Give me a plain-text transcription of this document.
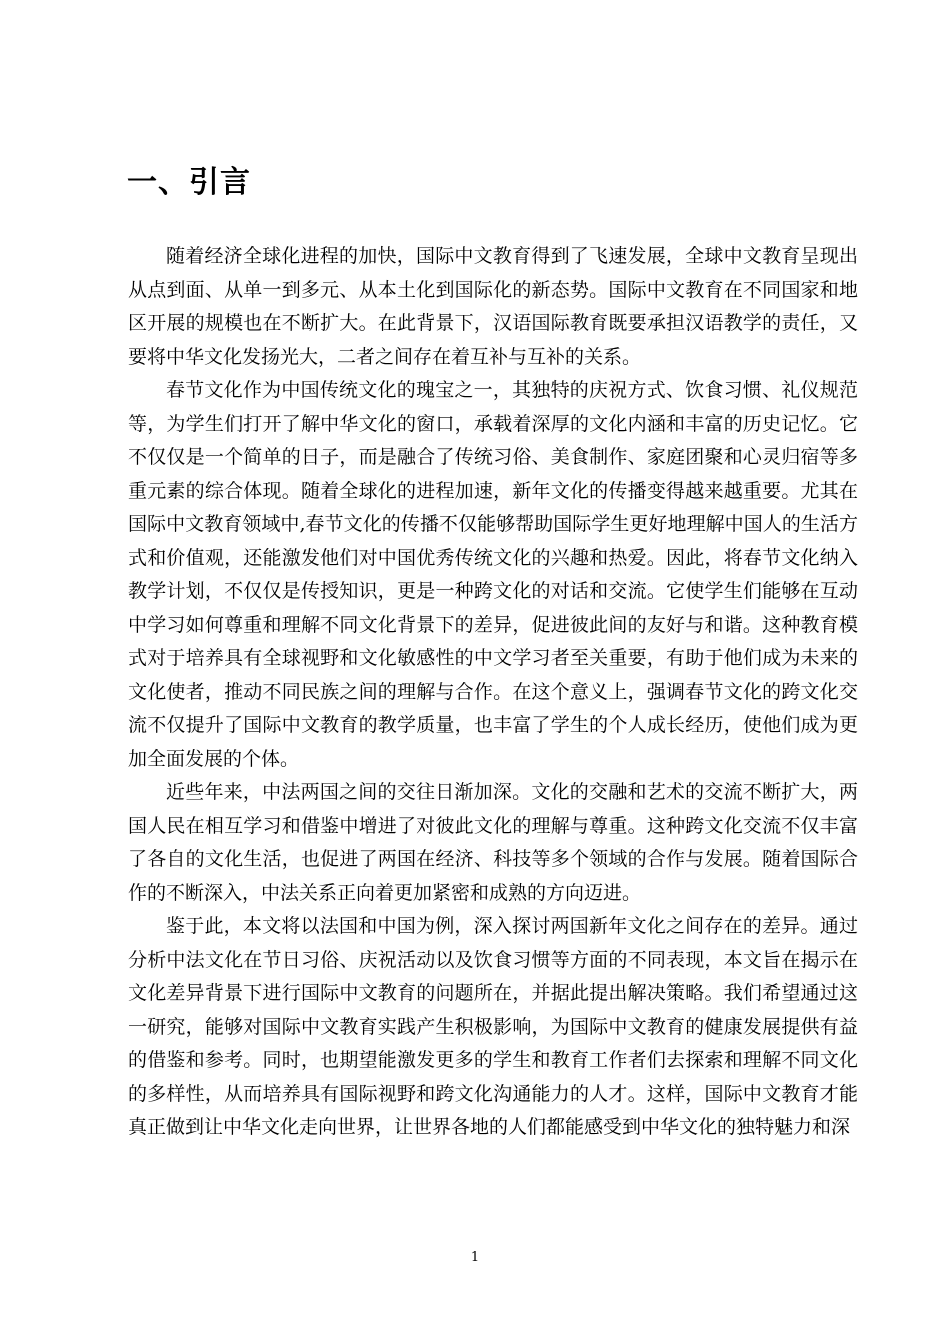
一、引言

随着经济全球化进程的加快，国际中文教育得到了飞速发展，全球中文教育呈现出从点到面、从单一到多元、从本土化到国际化的新态势。国际中文教育在不同国家和地区开展的规模也在不断扩大。在此背景下，汉语国际教育既要承担汉语教学的责任，又要将中华文化发扬光大，二者之间存在着互补与互补的关系。

春节文化作为中国传统文化的瑰宝之一，其独特的庆祝方式、饮食习惯、礼仪规范等，为学生们打开了解中华文化的窗口，承载着深厚的文化内涵和丰富的历史记忆。它不仅仅是一个简单的日子，而是融合了传统习俗、美食制作、家庭团聚和心灵归宿等多重元素的综合体现。随着全球化的进程加速，新年文化的传播变得越来越重要。尤其在国际中文教育领域中,春节文化的传播不仅能够帮助国际学生更好地理解中国人的生活方式和价值观，还能激发他们对中国优秀传统文化的兴趣和热爱。因此，将春节文化纳入教学计划，不仅仅是传授知识，更是一种跨文化的对话和交流。它使学生们能够在互动中学习如何尊重和理解不同文化背景下的差异，促进彼此间的友好与和谐。这种教育模式对于培养具有全球视野和文化敏感性的中文学习者至关重要，有助于他们成为未来的文化使者，推动不同民族之间的理解与合作。在这个意义上，强调春节文化的跨文化交流不仅提升了国际中文教育的教学质量，也丰富了学生的个人成长经历，使他们成为更加全面发展的个体。

近些年来，中法两国之间的交往日渐加深。文化的交融和艺术的交流不断扩大，两国人民在相互学习和借鉴中增进了对彼此文化的理解与尊重。这种跨文化交流不仅丰富了各自的文化生活，也促进了两国在经济、科技等多个领域的合作与发展。随着国际合作的不断深入，中法关系正向着更加紧密和成熟的方向迈进。

鉴于此，本文将以法国和中国为例，深入探讨两国新年文化之间存在的差异。通过分析中法文化在节日习俗、庆祝活动以及饮食习惯等方面的不同表现，本文旨在揭示在文化差异背景下进行国际中文教育的问题所在，并据此提出解决策略。我们希望通过这一研究，能够对国际中文教育实践产生积极影响，为国际中文教育的健康发展提供有益的借鉴和参考。同时，也期望能激发更多的学生和教育工作者们去探索和理解不同文化的多样性，从而培养具有国际视野和跨文化沟通能力的人才。这样，国际中文教育才能真正做到让中华文化走向世界，让世界各地的人们都能感受到中华文化的独特魅力和深

1
